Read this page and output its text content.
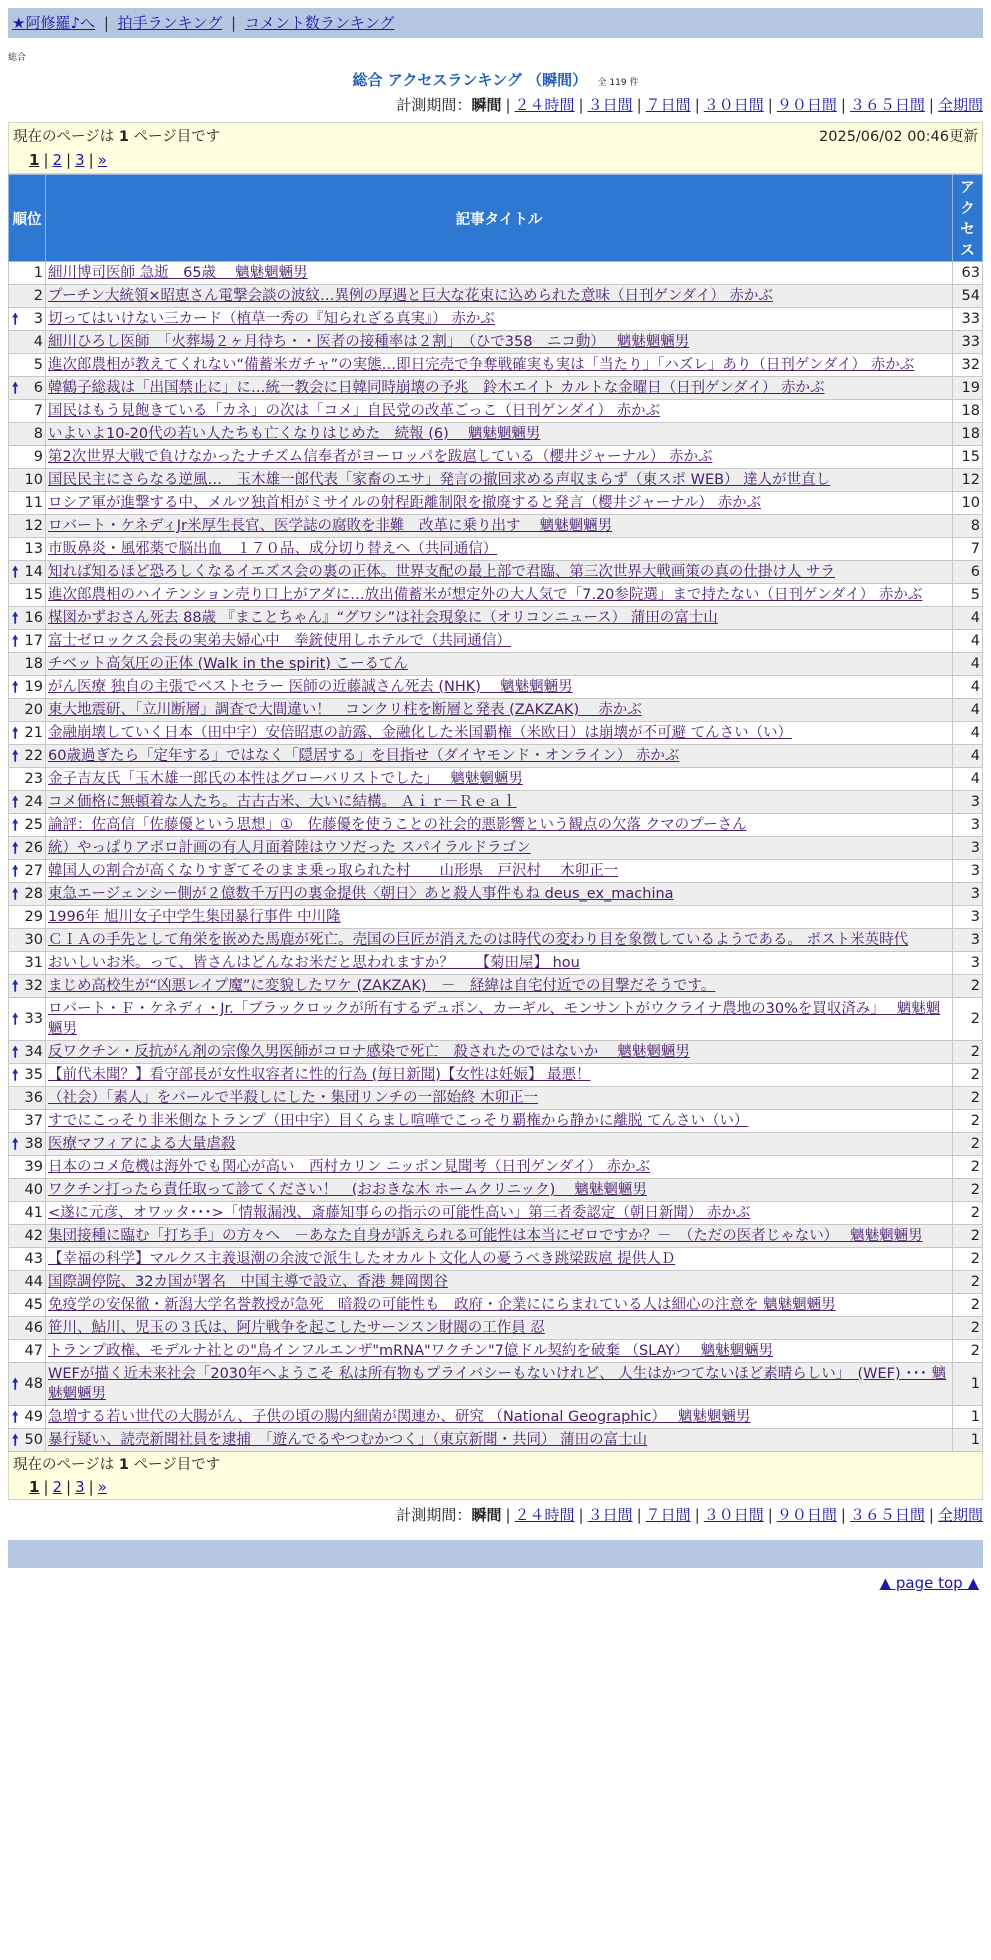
★阿修羅♪へ | 拍手ランキング | コメント数ランキング
総合
総合 アクセスランキング （瞬間） 全 119 件
計測期間：瞬間 | ２４時間 | ３日間 | ７日間 | ３０日間 | ９０日間 | ３６５日間 | 全期間
現在のページは 1 ページ目です	2025/06/02 00:46更新
1 | 2 | 3 | »
順位	記事タイトル	アクセス
1	細川博司医師 急逝　65歳　 魑魅魍魎男	63
2	プーチン大統領×昭恵さん電撃会談の波紋…異例の厚遇と巨大な花束に込められた意味（日刊ゲンダイ） 赤かぶ	54

🠕 3	切ってはいけない三カード（植草一秀の『知られざる真実』） 赤かぶ	33
4	細川ひろし医師　「火葬場２ヶ月待ち・・医者の接種率は２割」　（ひで358　ニコ動）　 魑魅魍魎男	33
5	進次郎農相が教えてくれない“備蓄米ガチャ”の実態…即日完売で争奪戦確実も実は「当たり」「ハズレ」あり（日刊ゲンダイ） 赤かぶ	32

🠕 6	韓鶴子総裁は「出国禁止に」に…統一教会に日韓同時崩壊の予兆　鈴木エイト カルトな金曜日（日刊ゲンダイ） 赤かぶ	19
7	国民はもう見飽きている「カネ」の次は「コメ」自民党の改革ごっこ（日刊ゲンダイ） 赤かぶ	18
8	いよいよ10-20代の若い人たちも亡くなりはじめた　続報 (6)　 魑魅魍魎男	18
9	第2次世界大戦で負けなかったナチズム信奉者がヨーロッパを跋扈している（櫻井ジャーナル） 赤かぶ	15
10	国民民主にさらなる逆風…　玉木雄一郎代表「家畜のエサ」発言の撤回求める声収まらず（東スポ WEB） 達人が世直し	12
11	ロシア軍が進撃する中、メルツ独首相がミサイルの射程距離制限を撤廃すると発言（櫻井ジャーナル） 赤かぶ	10
12	ロバート・ケネディJr米厚生長官、医学誌の腐敗を非難　改革に乗り出す　 魑魅魍魎男	8
13	市販鼻炎・風邪薬で脳出血　１７０品、成分切り替えへ（共同通信）	7

🠕 14	知れば知るほど恐ろしくなるイエズス会の裏の正体。世界支配の最上部で君臨、第三次世界大戦画策の真の仕掛け人 サラ	6
15	進次郎農相のハイテンション売り口上がアダに…放出備蓄米が想定外の大人気で「7.20参院選」まで持たない（日刊ゲンダイ） 赤かぶ	5

🠕 16	楳図かずおさん死去 88歳 『まことちゃん』“グワシ”は社会現象に（オリコンニュース） 蒲田の富士山	4

🠕 17	富士ゼロックス会長の実弟夫婦心中　拳銃使用しホテルで（共同通信）	4
18	チベット高気圧の正体 (Walk in the spirit) こーるてん	4

🠕 19	がん医療 独自の主張でベストセラー 医師の近藤誠さん死去 (NHK)　 魑魅魍魎男	4
20	東大地震研、「立川断層」調査で大間違い！　コンクリ柱を断層と発表 (ZAKZAK)　 赤かぶ	4

🠕 21	金融崩壊していく日本（田中宇）安倍昭恵の訪露、金融化した米国覇権（米欧日）は崩壊が不可避 てんさい（い）	4

🠕 22	60歳過ぎたら「定年する」ではなく「隠居する」を目指せ（ダイヤモンド・オンライン） 赤かぶ	4
23	金子吉友氏「玉木雄一郎氏の本性はグローバリストでした」　 魑魅魍魎男	4

🠕 24	コメ価格に無頓着な人たち。古古古米、大いに結構。 Ａｉｒ－Ｒｅａｌ	3

🠕 25	論評：佐高信「佐藤優という思想」①　佐藤優を使うことの社会的悪影響という観点の欠落 クマのプーさん	3

🠕 26	統）やっぱりアポロ計画の有人月面着陸はウソだった スパイラルドラゴン	3

🠕 27	韓国人の割合が高くなりすぎてそのまま乗っ取られた村　　山形県　戸沢村　 木卯正一	3

🠕 28	東急エージェンシー側が２億数千万円の裏金提供〈朝日〉あと殺人事件もね deus_ex_machina	3
29	1996年 旭川女子中学生集団暴行事件 中川隆	3
30	ＣＩＡの手先として角栄を嵌めた馬鹿が死亡。売国の巨匠が消えたのは時代の変わり目を象徴しているようである。 ポスト米英時代	3
31	おいしいお米。って、皆さんはどんなお米だと思われますか？　　【菊田屋】 hou	3

🠕 32	まじめ高校生が“凶悪レイプ魔”に変貌したワケ (ZAKZAK)　－　経緯は自宅付近での目撃だそうです。	2

🠕 33	ロバート・Ｆ・ケネディ・Jr.「ブラックロックが所有するデュポン、カーギル、モンサントがウクライナ農地の30%を買収済み」　 魑魅魍魎男	2

🠕 34	反ワクチン・反抗がん剤の宗像久男医師がコロナ感染で死亡　殺されたのではないか　 魑魅魍魎男	2

🠕 35	【前代未聞？】看守部長が女性収容者に性的行為 (毎日新聞)【女性は妊娠】 最悪！	2
36	（社会）「素人」をバールで半殺しにした・集団リンチの一部始終 木卯正一	2
37	すでにこっそり非米側なトランプ（田中宇）目くらまし喧嘩でこっそり覇権から静かに離脱 てんさい（い）	2

🠕 38	医療マフィアによる大量虐殺	2
39	日本のコメ危機は海外でも関心が高い　西村カリン ニッポン見聞考（日刊ゲンダイ） 赤かぶ	2
40	ワクチン打ったら責任取って診てください！　(おおきな木 ホームクリニック)　 魑魅魍魎男	2
41	<遂に元彦、オワッタ･･･>「情報漏洩、斎藤知事らの指示の可能性高い」第三者委認定（朝日新聞） 赤かぶ	2
42	集団接種に臨む「打ち手」の方々へ　－あなた自身が訴えられる可能性は本当にゼロですか？－　（ただの医者じゃない）　 魑魅魍魎男	2
43	【幸福の科学】マルクス主義退潮の余波で派生したオカルト文化人の憂うべき跳梁跋扈 提供人Ｄ	2
44	国際調停院、32カ国が署名　中国主導で設立、香港 舞岡関谷	2
45	免疫学の安保徹・新潟大学名誉教授が急死　暗殺の可能性も　政府・企業ににらまれている人は細心の注意を 魑魅魍魎男	2
46	笹川、鮎川、児玉の３氏は、阿片戦争を起こしたサーンスン財閥の工作員 忍	2
47	トランプ政権、モデルナ社との"鳥インフルエンザ"mRNA"ワクチン"7億ドル契約を破棄 （SLAY）　 魑魅魍魎男	2

🠕 48	WEFが描く近未来社会「2030年へようこそ 私は所有物もプライバシーもないけれど、 人生はかつてないほど素晴らしい」　(WEF) ･･･ 魑魅魍魎男	1

🠕 49	急増する若い世代の大腸がん、子供の頃の腸内細菌が関連か、研究 （National Geographic）　 魑魅魍魎男	1

🠕 50	暴行疑い、読売新聞社員を逮捕　「遊んでるやつむかつく」（東京新聞・共同） 蒲田の富士山	1
現在のページは 1 ページ目です
1 | 2 | 3 | »
計測期間：瞬間 | ２４時間 | ３日間 | ７日間 | ３０日間 | ９０日間 | ３６５日間 | 全期間
▲ page top ▲
